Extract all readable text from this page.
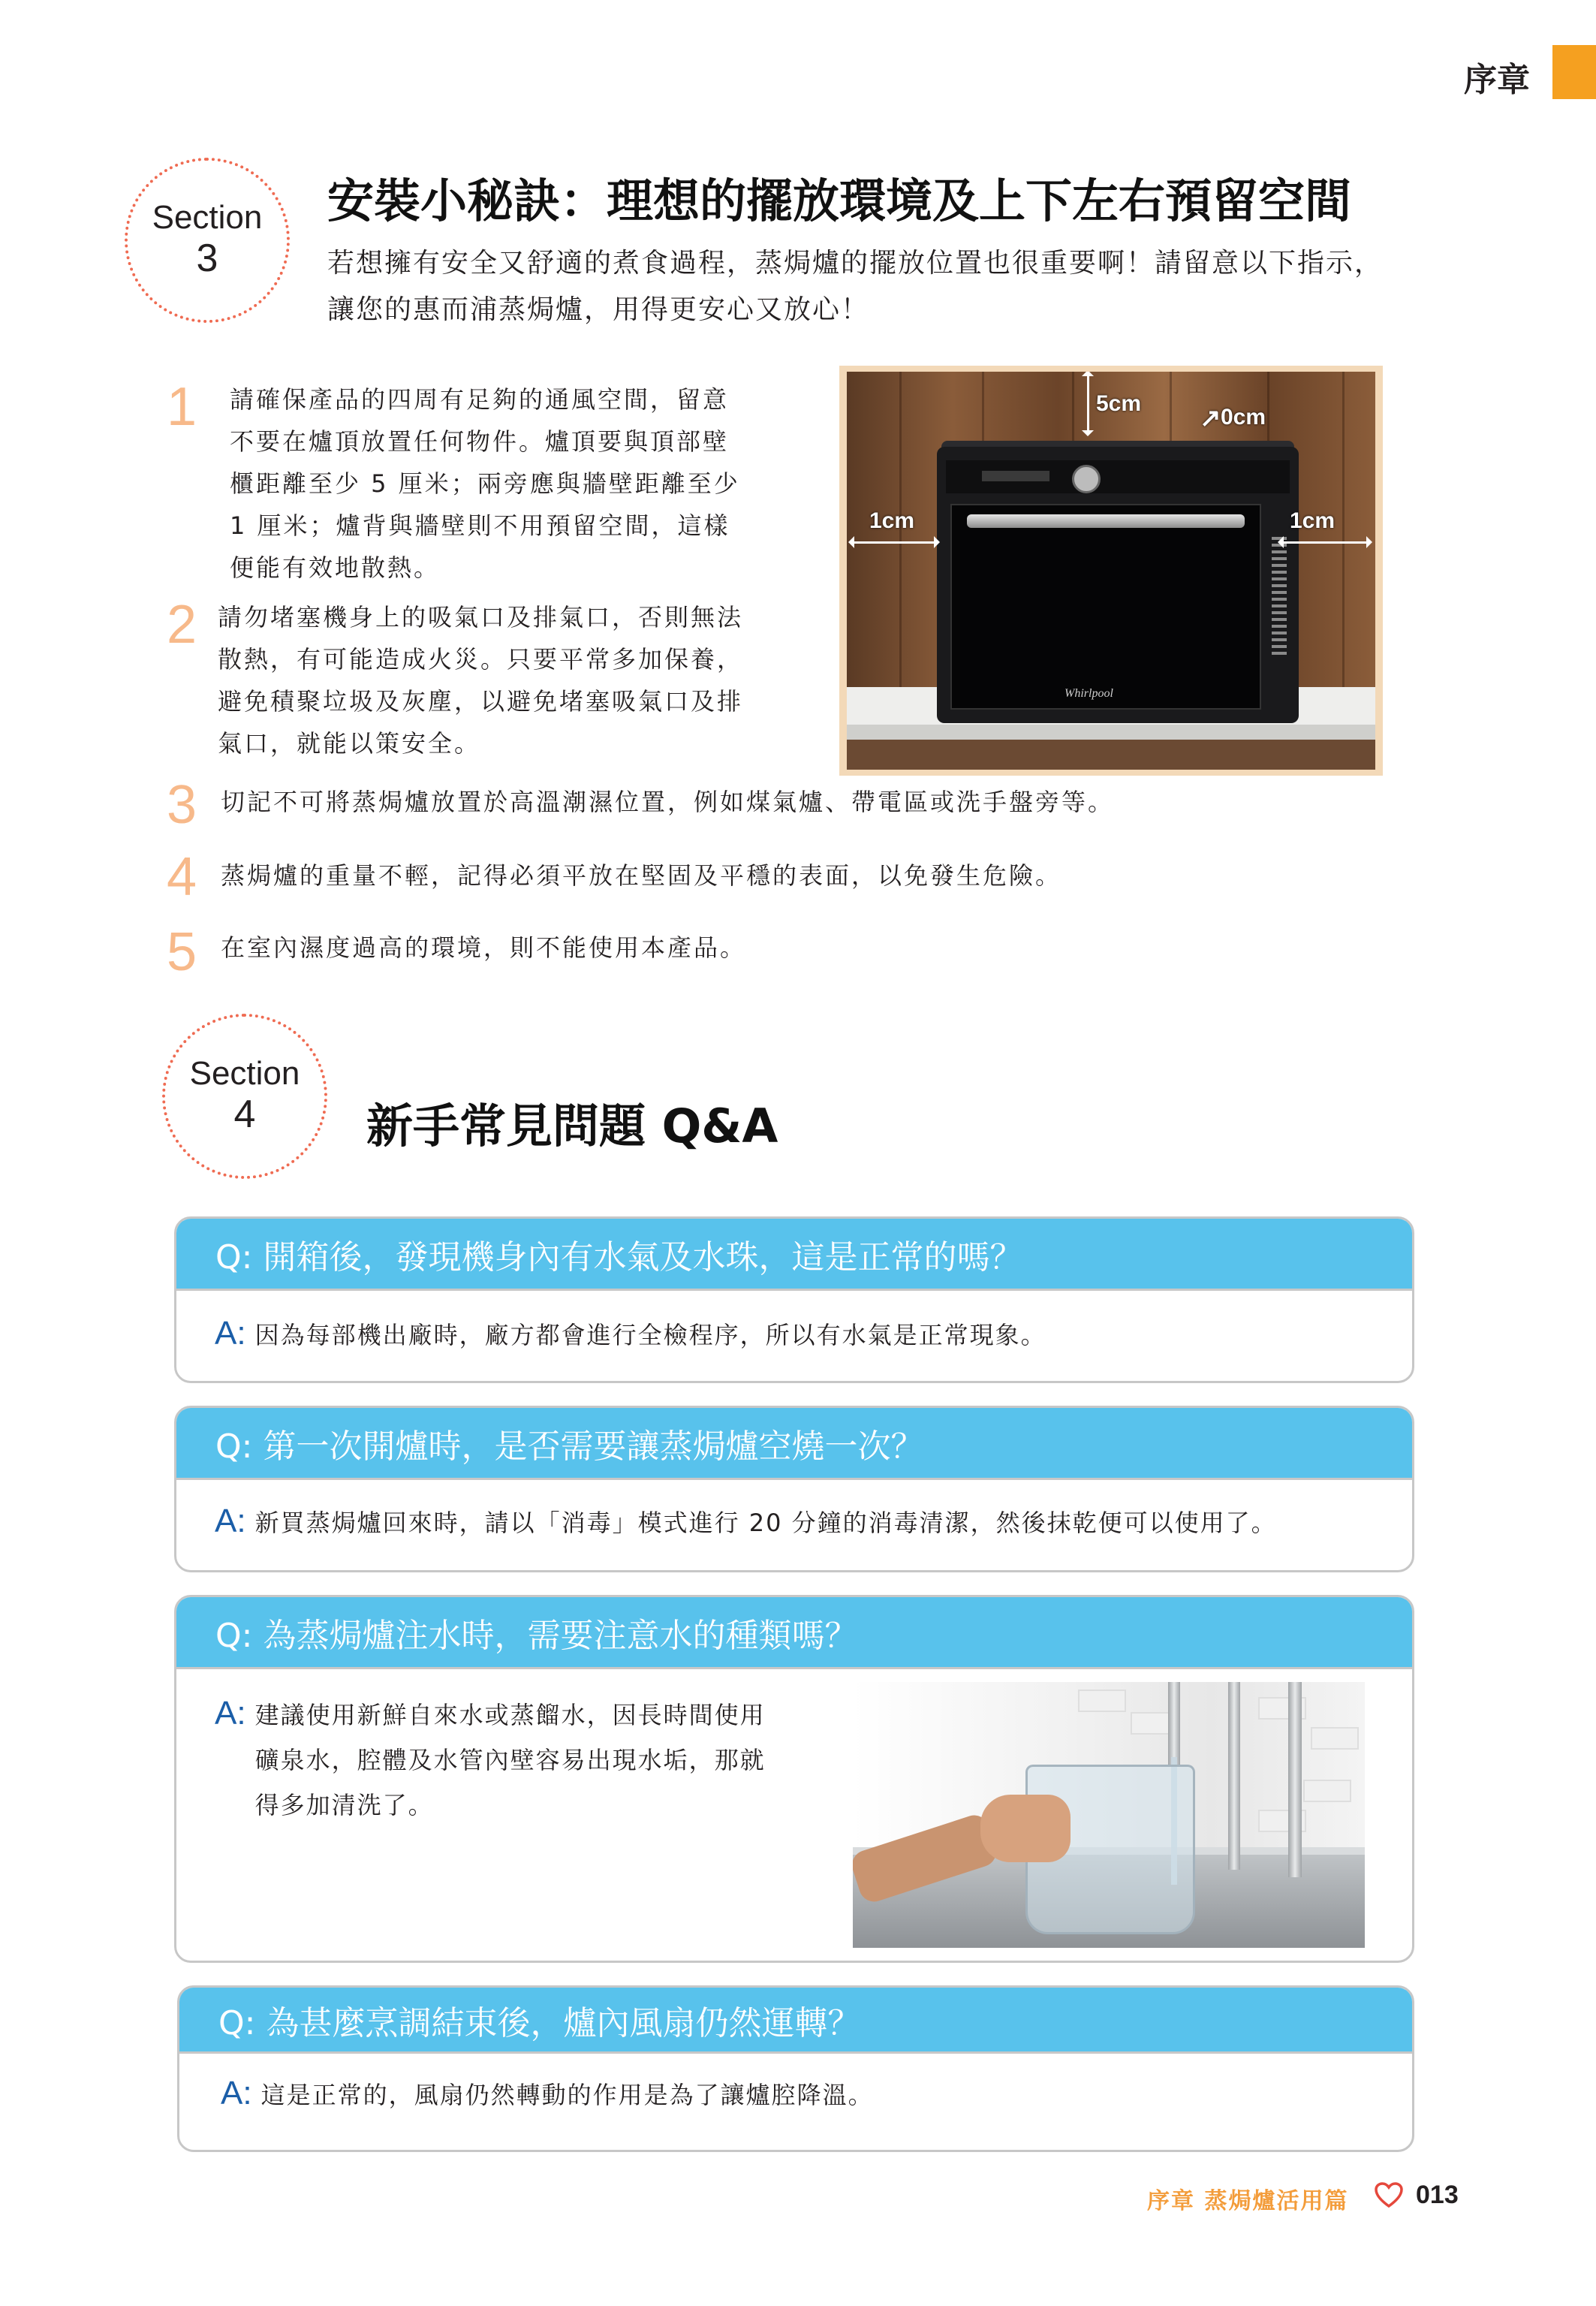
序章
Section
3
安裝小秘訣：理想的擺放環境及上下左右預留空間
若想擁有安全又舒適的煮食過程，蒸焗爐的擺放位置也很重要啊！請留意以下指示，
讓您的惠而浦蒸焗爐，用得更安心又放心！
1 請確保產品的四周有足夠的通風空間，留意
不要在爐頂放置任何物件。爐頂要與頂部壁
櫃距離至少 5 厘米；兩旁應與牆壁距離至少
1 厘米；爐背與牆壁則不用預留空間，這樣
便能有效地散熱。
2 請勿堵塞機身上的吸氣口及排氣口，否則無法
散熱，有可能造成火災。只要平常多加保養，
避免積聚垃圾及灰塵，以避免堵塞吸氣口及排
氣口，就能以策安全。
3 切記不可將蒸焗爐放置於高溫潮濕位置，例如煤氣爐、帶電區或洗手盤旁等。
4 蒸焗爐的重量不輕，記得必須平放在堅固及平穩的表面，以免發生危險。
5 在室內濕度過高的環境，則不能使用本產品。
Whirlpool
5cm
↗ 0cm
1cm	1cm
Section
4 新手常見問題 Q&A
Q: 開箱後，發現機身內有水氣及水珠，這是正常的嗎？
A: 因為每部機出廠時，廠方都會進行全檢程序，所以有水氣是正常現象。
Q: 第一次開爐時，是否需要讓蒸焗爐空燒一次？
A: 新買蒸焗爐回來時，請以「消毒」模式進行 20 分鐘的消毒清潔，然後抹乾便可以使用了。
Q: 為蒸焗爐注水時，需要注意水的種類嗎？
A: 建議使用新鮮自來水或蒸餾水，因長時間使用
礦泉水，腔體及水管內壁容易出現水垢，那就
得多加清洗了。
Q: 為甚麼烹調結束後，爐內風扇仍然運轉？
A: 這是正常的，風扇仍然轉動的作用是為了讓爐腔降溫。
序章 蒸焗爐活用篇	013
